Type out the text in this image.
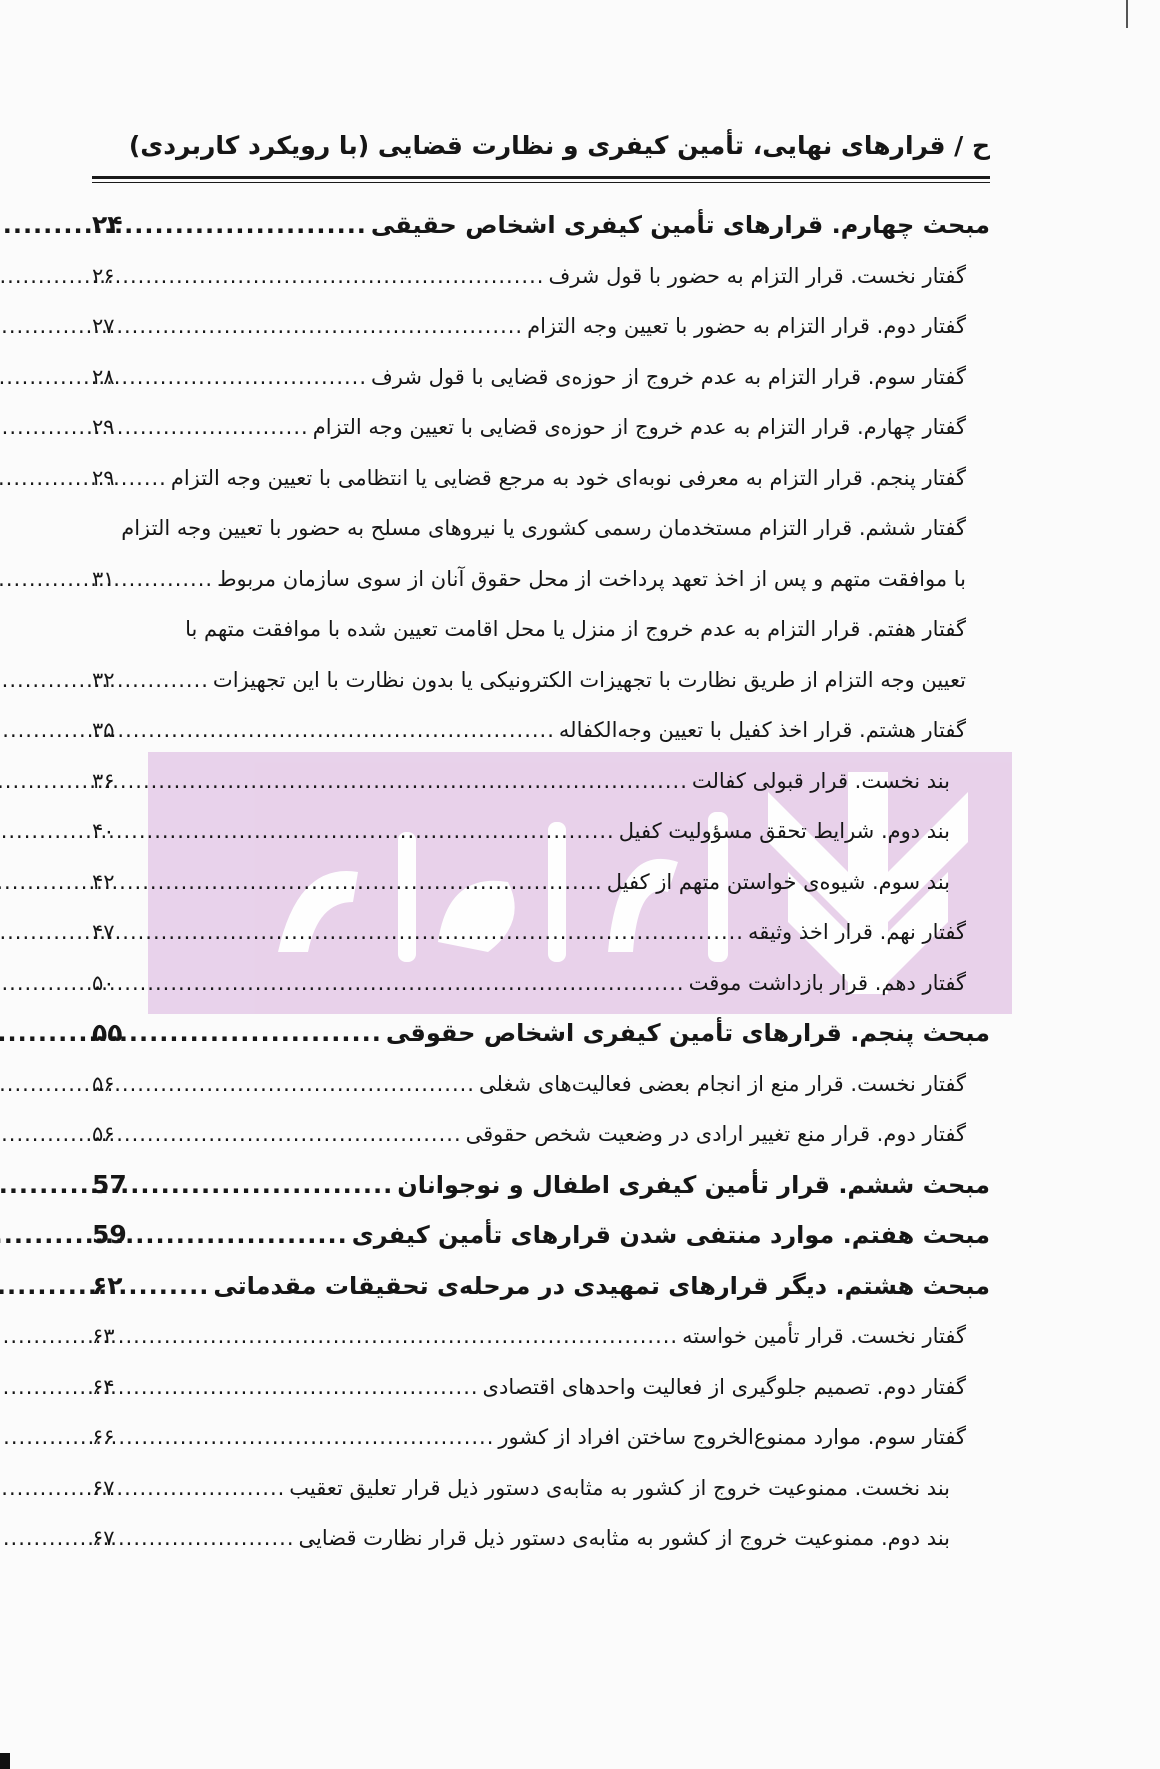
ح / قرارهای نهایی، تأمین کیفری و نظارت قضایی (با رویکرد کاربردی)
مبحث چهارم. قرارهای تأمین کیفری اشخاص حقیقی
.....
۲۴
گفتار نخست. قرار التزام به حضور با قول شرف
.....
۲۶
گفتار دوم. قرار التزام به حضور با تعیین وجه التزام
.....
۲۷
گفتار سوم. قرار التزام به عدم خروج از حوزه‌ی قضایی با قول شرف
.....
۲۸
گفتار چهارم. قرار التزام به عدم خروج از حوزه‌ی قضایی با تعیین وجه التزام
.....
۲۹
گفتار پنجم. قرار التزام به معرفی نوبه‌ای خود به مرجع قضایی یا انتظامی با تعیین وجه التزام
.....
۲۹
گفتار ششم. قرار التزام مستخدمان رسمی کشوری یا نیروهای مسلح به حضور با تعیین وجه التزام
با موافقت متهم و پس از اخذ تعهد پرداخت از محل حقوق آنان از سوی سازمان مربوط
.....
۳۱
گفتار هفتم. قرار التزام به عدم خروج از منزل یا محل اقامت تعیین شده با موافقت متهم با
تعیین وجه التزام از طریق نظارت با تجهیزات الکترونیکی یا بدون نظارت با این تجهیزات
.....
۳۲
گفتار هشتم. قرار اخذ کفیل با تعیین وجه‌الکفاله
.....
۳۵
بند نخست. قرار قبولی کفالت
.....
۳۶
بند دوم. شرایط تحقق مسؤولیت کفیل
.....
۴۰
بند سوم. شیوه‌ی خواستن متهم از کفیل
.....
۴۲
گفتار نهم. قرار اخذ وثیقه
.....
۴۷
گفتار دهم. قرار بازداشت موقت
.....
۵۰
مبحث پنجم. قرارهای تأمین کیفری اشخاص حقوقی
.....
۵۵
گفتار نخست. قرار منع از انجام بعضی فعالیت‌های شغلی
.....
۵۶
گفتار دوم. قرار منع تغییر ارادی در وضعیت شخص حقوقی
.....
۵۶
مبحث ششم. قرار تأمین کیفری اطفال و نوجوانان
.....
57
مبحث هفتم. موارد منتفی شدن قرارهای تأمین کیفری
.....
59
مبحث هشتم. دیگر قرارهای تمهیدی در مرحله‌ی تحقیقات مقدماتی
.....
۶۲
گفتار نخست. قرار تأمین خواسته
.....
۶۳
گفتار دوم. تصمیم جلوگیری از فعالیت واحدهای اقتصادی
.....
۶۴
گفتار سوم. موارد ممنوع‌الخروج ساختن افراد از کشور
.....
۶۶
بند نخست. ممنوعیت خروج از کشور به مثابه‌ی دستور ذیل قرار تعلیق تعقیب
.....
۶۷
بند دوم. ممنوعیت خروج از کشور به مثابه‌ی دستور ذیل قرار نظارت قضایی
.....
۶۷
